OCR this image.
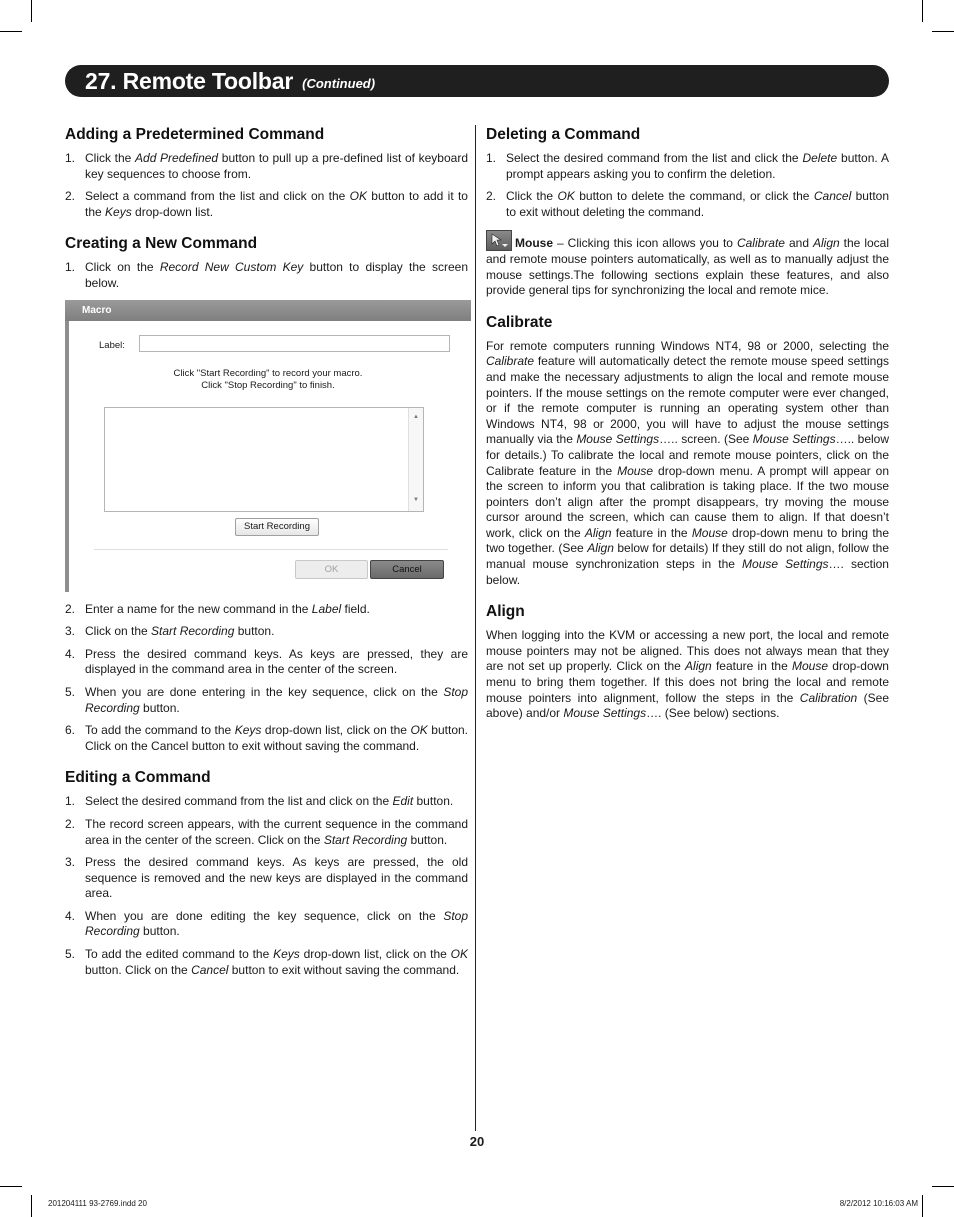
27. Remote Toolbar (Continued)
Adding a Predetermined Command
1. Click the Add Predefined button to pull up a pre-defined list of keyboard key sequences to choose from.
2. Select a command from the list and click on the OK button to add it to the Keys drop-down list.
Creating a New Command
1. Click on the Record New Custom Key button to display the screen below.
Macro
Label:
Click "Start Recording" to record your macro.
Click "Stop Recording" to finish.
▲
▼
Start Recording
OK	Cancel
2. Enter a name for the new command in the Label field.
3. Click on the Start Recording button.
4. Press the desired command keys. As keys are pressed, they are displayed in the command area in the center of the screen.
5. When you are done entering in the key sequence, click on the Stop Recording button.
6. To add the command to the Keys drop-down list, click on the OK button. Click on the Cancel button to exit without saving the command.
Editing a Command
1. Select the desired command from the list and click on the Edit button.
2. The record screen appears, with the current sequence in the command area in the center of the screen. Click on the Start Recording button.
3. Press the desired command keys. As keys are pressed, the old sequence is removed and the new keys are displayed in the command area.
4. When you are done editing the key sequence, click on the Stop Recording button.
5. To add the edited command to the Keys drop-down list, click on the OK button. Click on the Cancel button to exit without saving the command.
Deleting a Command
1. Select the desired command from the list and click the Delete button. A prompt appears asking you to confirm the deletion.
2. Click the OK button to delete the command, or click the Cancel button to exit without deleting the command.

Mouse – Clicking this icon allows you to Calibrate and Align the local and remote mouse pointers automatically, as well as to manually adjust the mouse settings.The following sections explain these features, and also provide general tips for synchronizing the local and remote mice.

Calibrate

For remote computers running Windows NT4, 98 or 2000, selecting the Calibrate feature will automatically detect the remote mouse speed settings and make the necessary adjustments to align the local and remote mouse pointers. If the mouse settings on the remote computer were ever changed, or if the remote computer is running an operating system other than Windows NT4, 98 or 2000, you will have to adjust the mouse settings manually via the Mouse Settings….. screen. (See Mouse Settings….. below for details.) To calibrate the local and remote mouse pointers, click on the Calibrate feature in the Mouse drop-down menu. A prompt will appear on the screen to inform you that calibration is taking place. If the two mouse pointers don’t align after the prompt disappears, try moving the mouse cursor around the screen, which can cause them to align. If that doesn’t work, click on the Align feature in the Mouse drop-down menu to bring the two together. (See Align below for details) If they still do not align, follow the manual mouse synchronization steps in the Mouse Settings…. section below.

Align

When logging into the KVM or accessing a new port, the local and remote mouse pointers may not be aligned. This does not always mean that they are not set up properly. Click on the Align feature in the Mouse drop-down menu to bring them together. If this does not bring the local and remote mouse pointers into alignment, follow the steps in the Calibration (See above) and/or Mouse Settings…. (See below) sections.

20
201204111 93-2769.indd 20	8/2/2012 10:16:03 AM
